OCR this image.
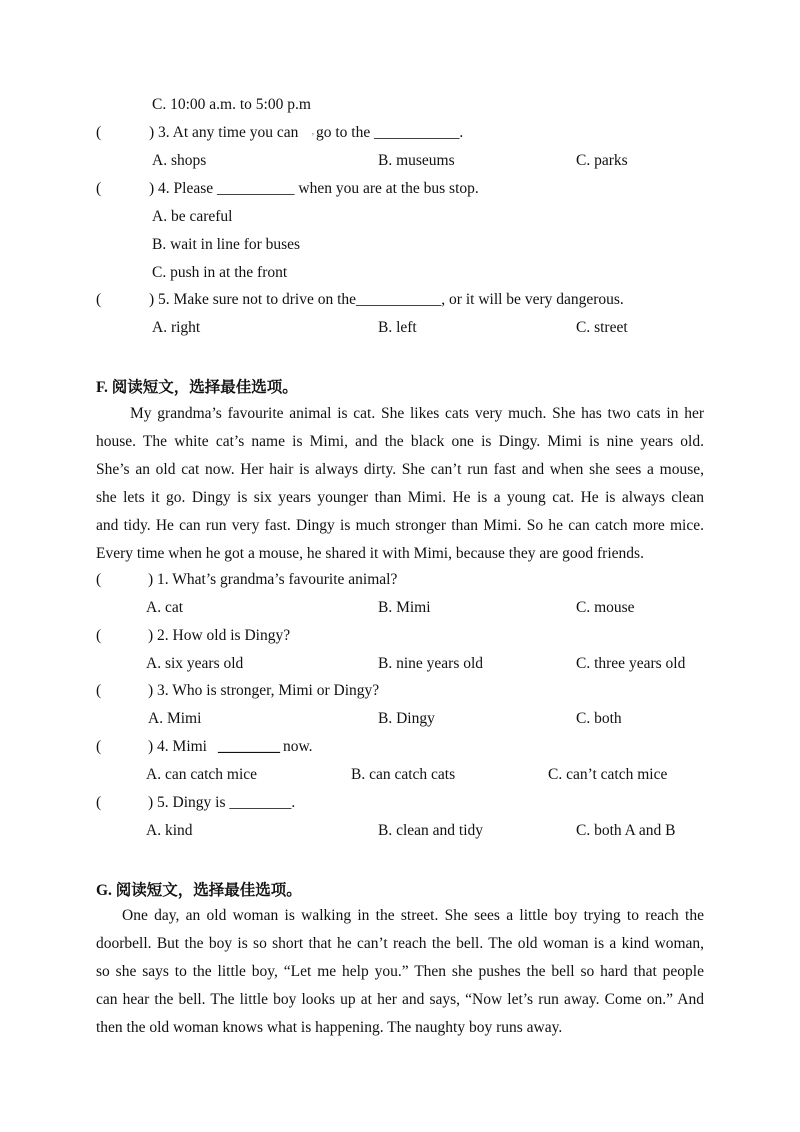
C. 10:00 a.m. to 5:00 p.m
(	) 3. At any time you can ’ go to the ___________.
A. shops	B. museums	C. parks
(	) 4. Please __________ when you are at the bus stop.
A. be careful
B. wait in line for buses
C. push in at the front
(	) 5. Make sure not to drive on the___________, or it will be very dangerous.
A. right	B. left	C. street
F. 阅读短文，选择最佳选项。

My grandma’s favourite animal is cat. She likes cats very much. She has two cats in her

house. The white cat’s name is Mimi, and the black one is Dingy. Mimi is nine years old.

She’s an old cat now. Her hair is always dirty. She can’t run fast and when she sees a mouse,

she lets it go. Dingy is six years younger than Mimi. He is a young cat. He is always clean

and tidy. He can run very fast. Dingy is much stronger than Mimi. So he can catch more mice.

Every time when he got a mouse, he shared it with Mimi, because they are good friends.

(	) 1. What’s grandma’s favourite animal?
A. cat	B. Mimi	C. mouse
(	) 2. How old is Dingy?
A. six years old	B. nine years old	C. three years old
(	) 3. Who is stronger, Mimi or Dingy?
A. Mimi	B. Dingy	C. both
(	) 4. Mimi ________ now.
A. can catch mice	B. can catch cats	C. can’t catch mice
(	) 5. Dingy is ________.
A. kind	B. clean and tidy	C. both A and B
G. 阅读短文，选择最佳选项。

One day, an old woman is walking in the street. She sees a little boy trying to reach the

doorbell. But the boy is so short that he can’t reach the bell. The old woman is a kind woman,

so she says to the little boy, “Let me help you.” Then she pushes the bell so hard that people

can hear the bell. The little boy looks up at her and says, “Now let’s run away. Come on.” And

then the old woman knows what is happening. The naughty boy runs away.
